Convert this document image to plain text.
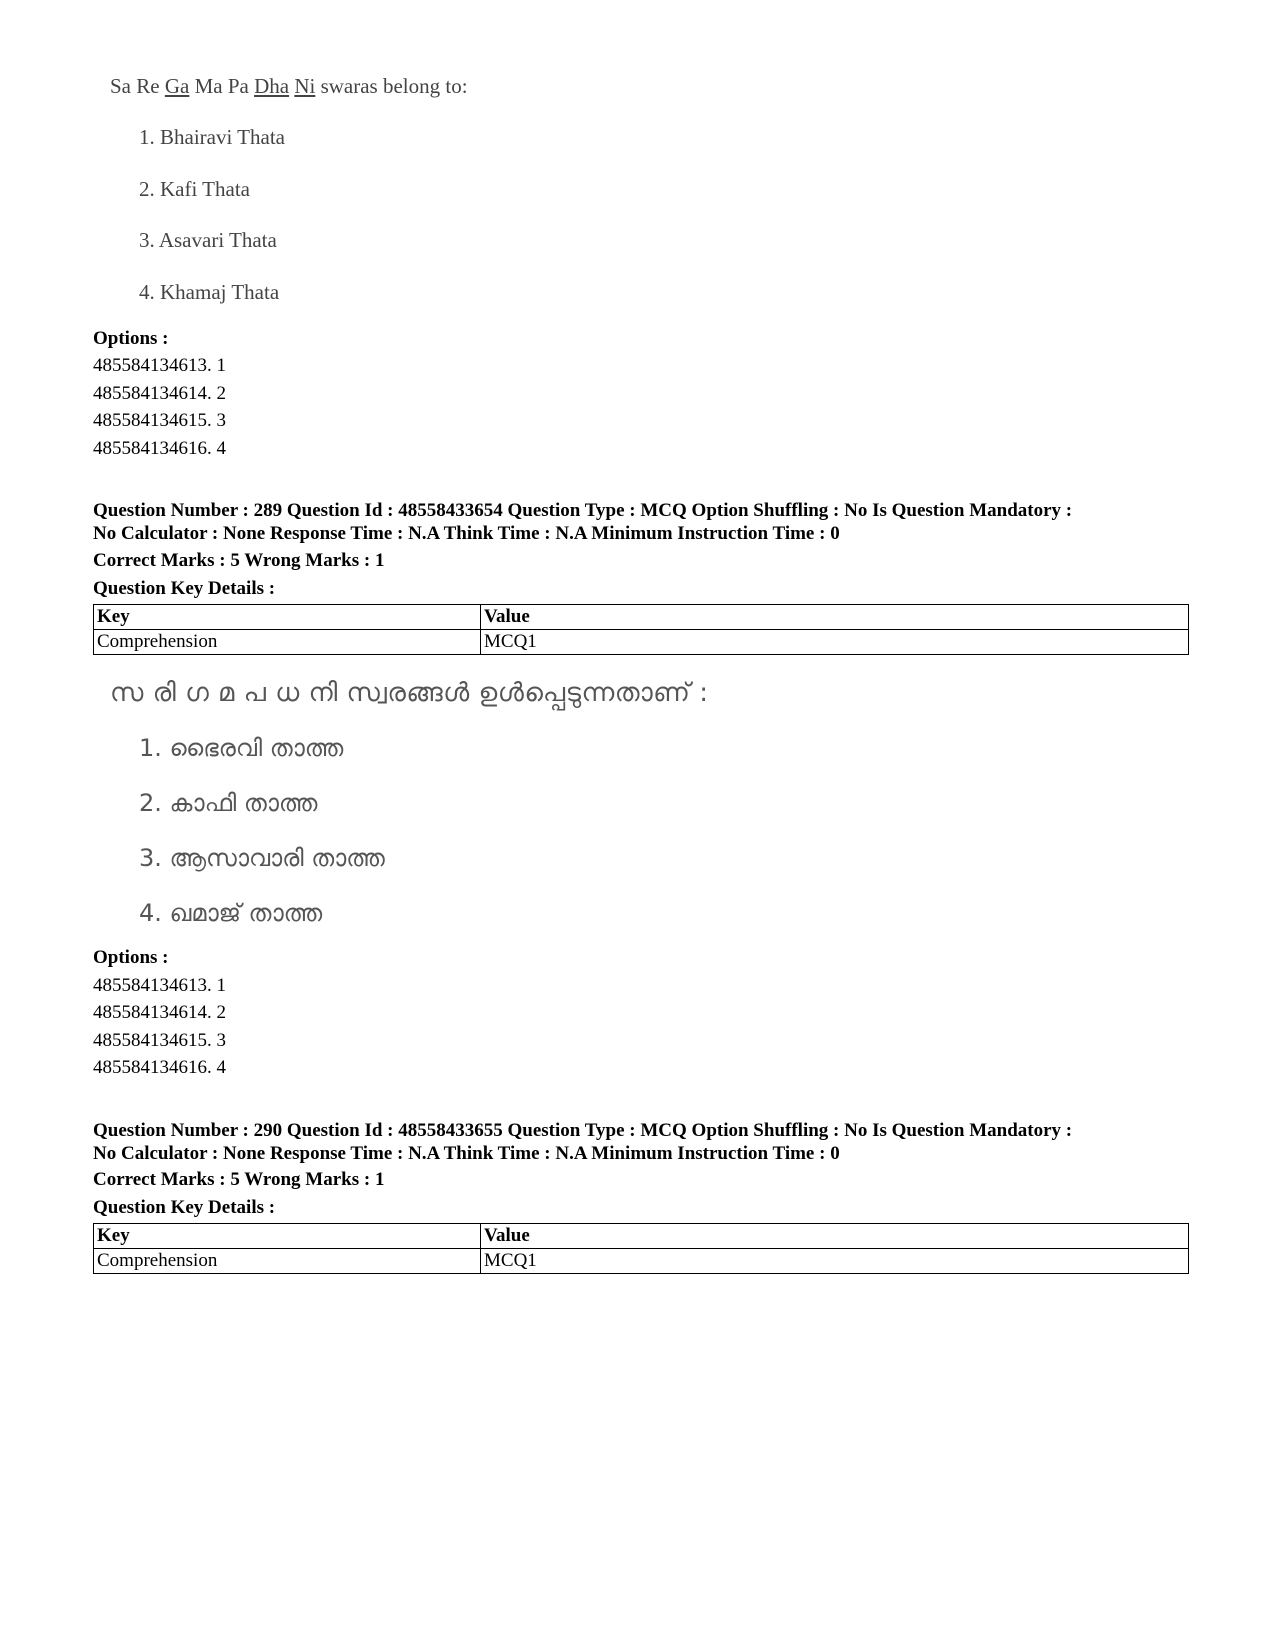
Sa Re Ga Ma Pa Dha Ni swaras belong to:
1. Bhairavi Thata
2. Kafi Thata
3. Asavari Thata
4. Khamaj Thata
Options :
485584134613. 1
485584134614. 2
485584134615. 3
485584134616. 4
Question Number : 289 Question Id : 48558433654 Question Type : MCQ Option Shuffling : No Is Question Mandatory :
No Calculator : None Response Time : N.A Think Time : N.A Minimum Instruction Time : 0
Correct Marks : 5 Wrong Marks : 1
Question Key Details :
Key	Value
Comprehension	MCQ1
സ രി ഗ മ പ ധ നി സ്വരങ്ങൾ ഉൾപ്പെടുന്നതാണ് :
1. ഭൈരവി താത്ത
2. കാഫി താത്ത
3. ആസാവാരി താത്ത
4. ഖമാജ് താത്ത
Options :
485584134613. 1
485584134614. 2
485584134615. 3
485584134616. 4
Question Number : 290 Question Id : 48558433655 Question Type : MCQ Option Shuffling : No Is Question Mandatory :
No Calculator : None Response Time : N.A Think Time : N.A Minimum Instruction Time : 0
Correct Marks : 5 Wrong Marks : 1
Question Key Details :
Key	Value
Comprehension	MCQ1
